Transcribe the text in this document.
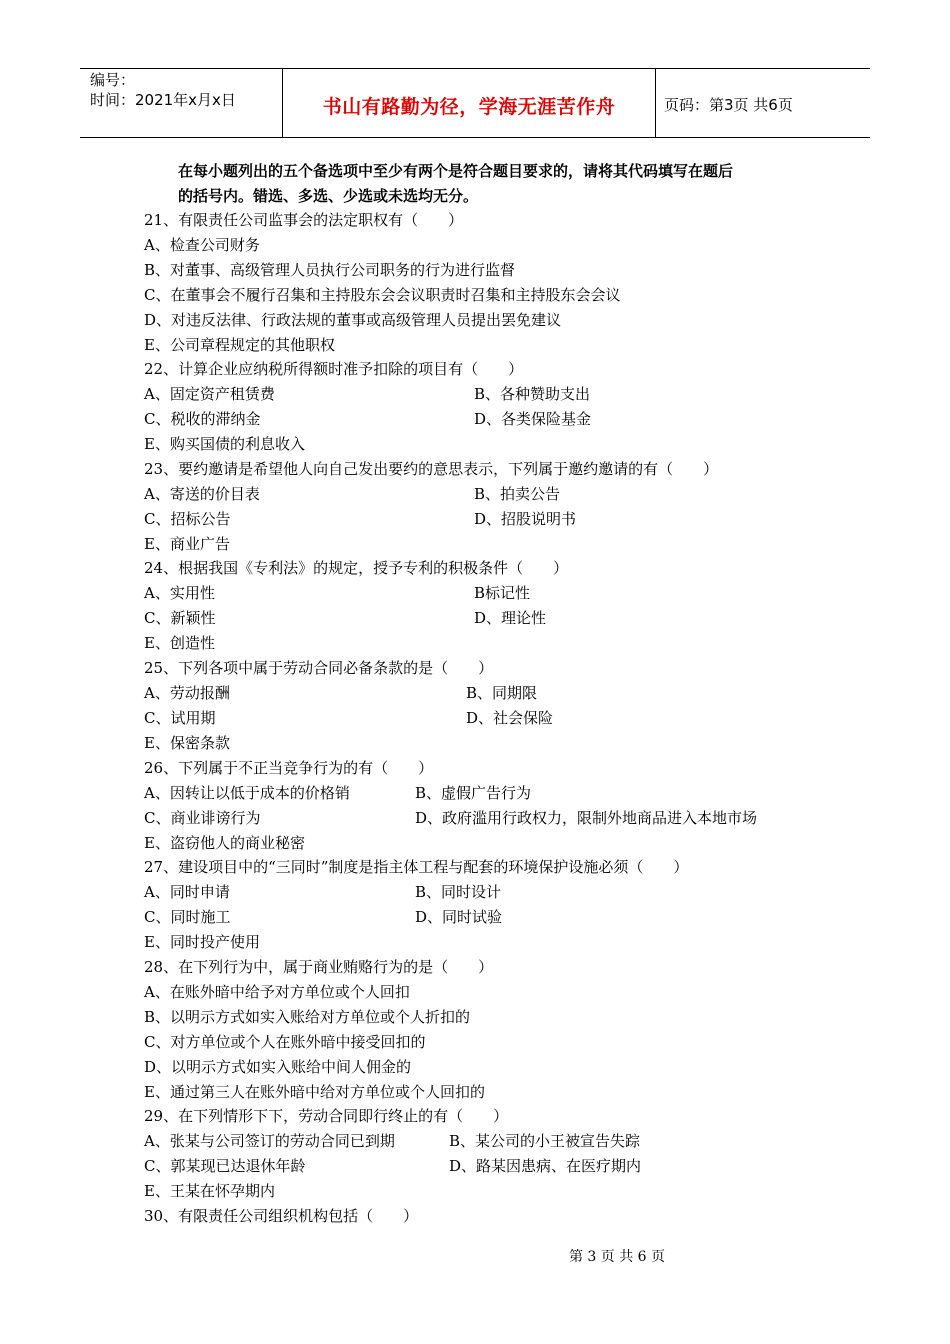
编号：
时间：2021年x月x日	书山有路勤为径，学海无涯苦作舟	页码：第3页 共6页
在每小题列出的五个备选项中至少有两个是符合题目要求的，请将其代码填写在题后
的括号内。错选、多选、少选或未选均无分。
21、有限责任公司监事会的法定职权有（　　）
A、检查公司财务
B、对董事、高级管理人员执行公司职务的行为进行监督
C、在董事会不履行召集和主持股东会会议职责时召集和主持股东会会议
D、对违反法律、行政法规的董事或高级管理人员提出罢免建议
E、公司章程规定的其他职权
22、计算企业应纳税所得额时准予扣除的项目有（　　）
A、固定资产租赁费	B、各种赞助支出
C、税收的滞纳金	D、各类保险基金
E、购买国债的利息收入
23、要约邀请是希望他人向自己发出要约的意思表示，下列属于邀约邀请的有（　　）
A、寄送的价目表	B、拍卖公告
C、招标公告	D、招股说明书
E、商业广告
24、根据我国《专利法》的规定，授予专利的积极条件（　　）
A、实用性	B标记性
C、新颖性	D、理论性
E、创造性
25、下列各项中属于劳动合同必备条款的是（　　）
A、劳动报酬	B、同期限
C、试用期	D、社会保险
E、保密条款
26、下列属于不正当竞争行为的有（　　）
A、因转让以低于成本的价格销	B、虚假广告行为
C、商业诽谤行为	D、政府滥用行政权力，限制外地商品进入本地市场
E、盗窃他人的商业秘密
27、建设项目中的“三同时”制度是指主体工程与配套的环境保护设施必须（　　）
A、同时申请	B、同时设计
C、同时施工	D、同时试验
E、同时投产使用
28、在下列行为中，属于商业贿赂行为的是（　　）
A、在账外暗中给予对方单位或个人回扣
B、以明示方式如实入账给对方单位或个人折扣的
C、对方单位或个人在账外暗中接受回扣的
D、以明示方式如实入账给中间人佣金的
E、通过第三人在账外暗中给对方单位或个人回扣的
29、在下列情形下下，劳动合同即行终止的有（　　）
A、张某与公司签订的劳动合同已到期	B、某公司的小王被宣告失踪
C、郭某现已达退休年龄	D、路某因患病、在医疗期内
E、王某在怀孕期内
30、有限责任公司组织机构包括（　　）
第 3 页 共 6 页
